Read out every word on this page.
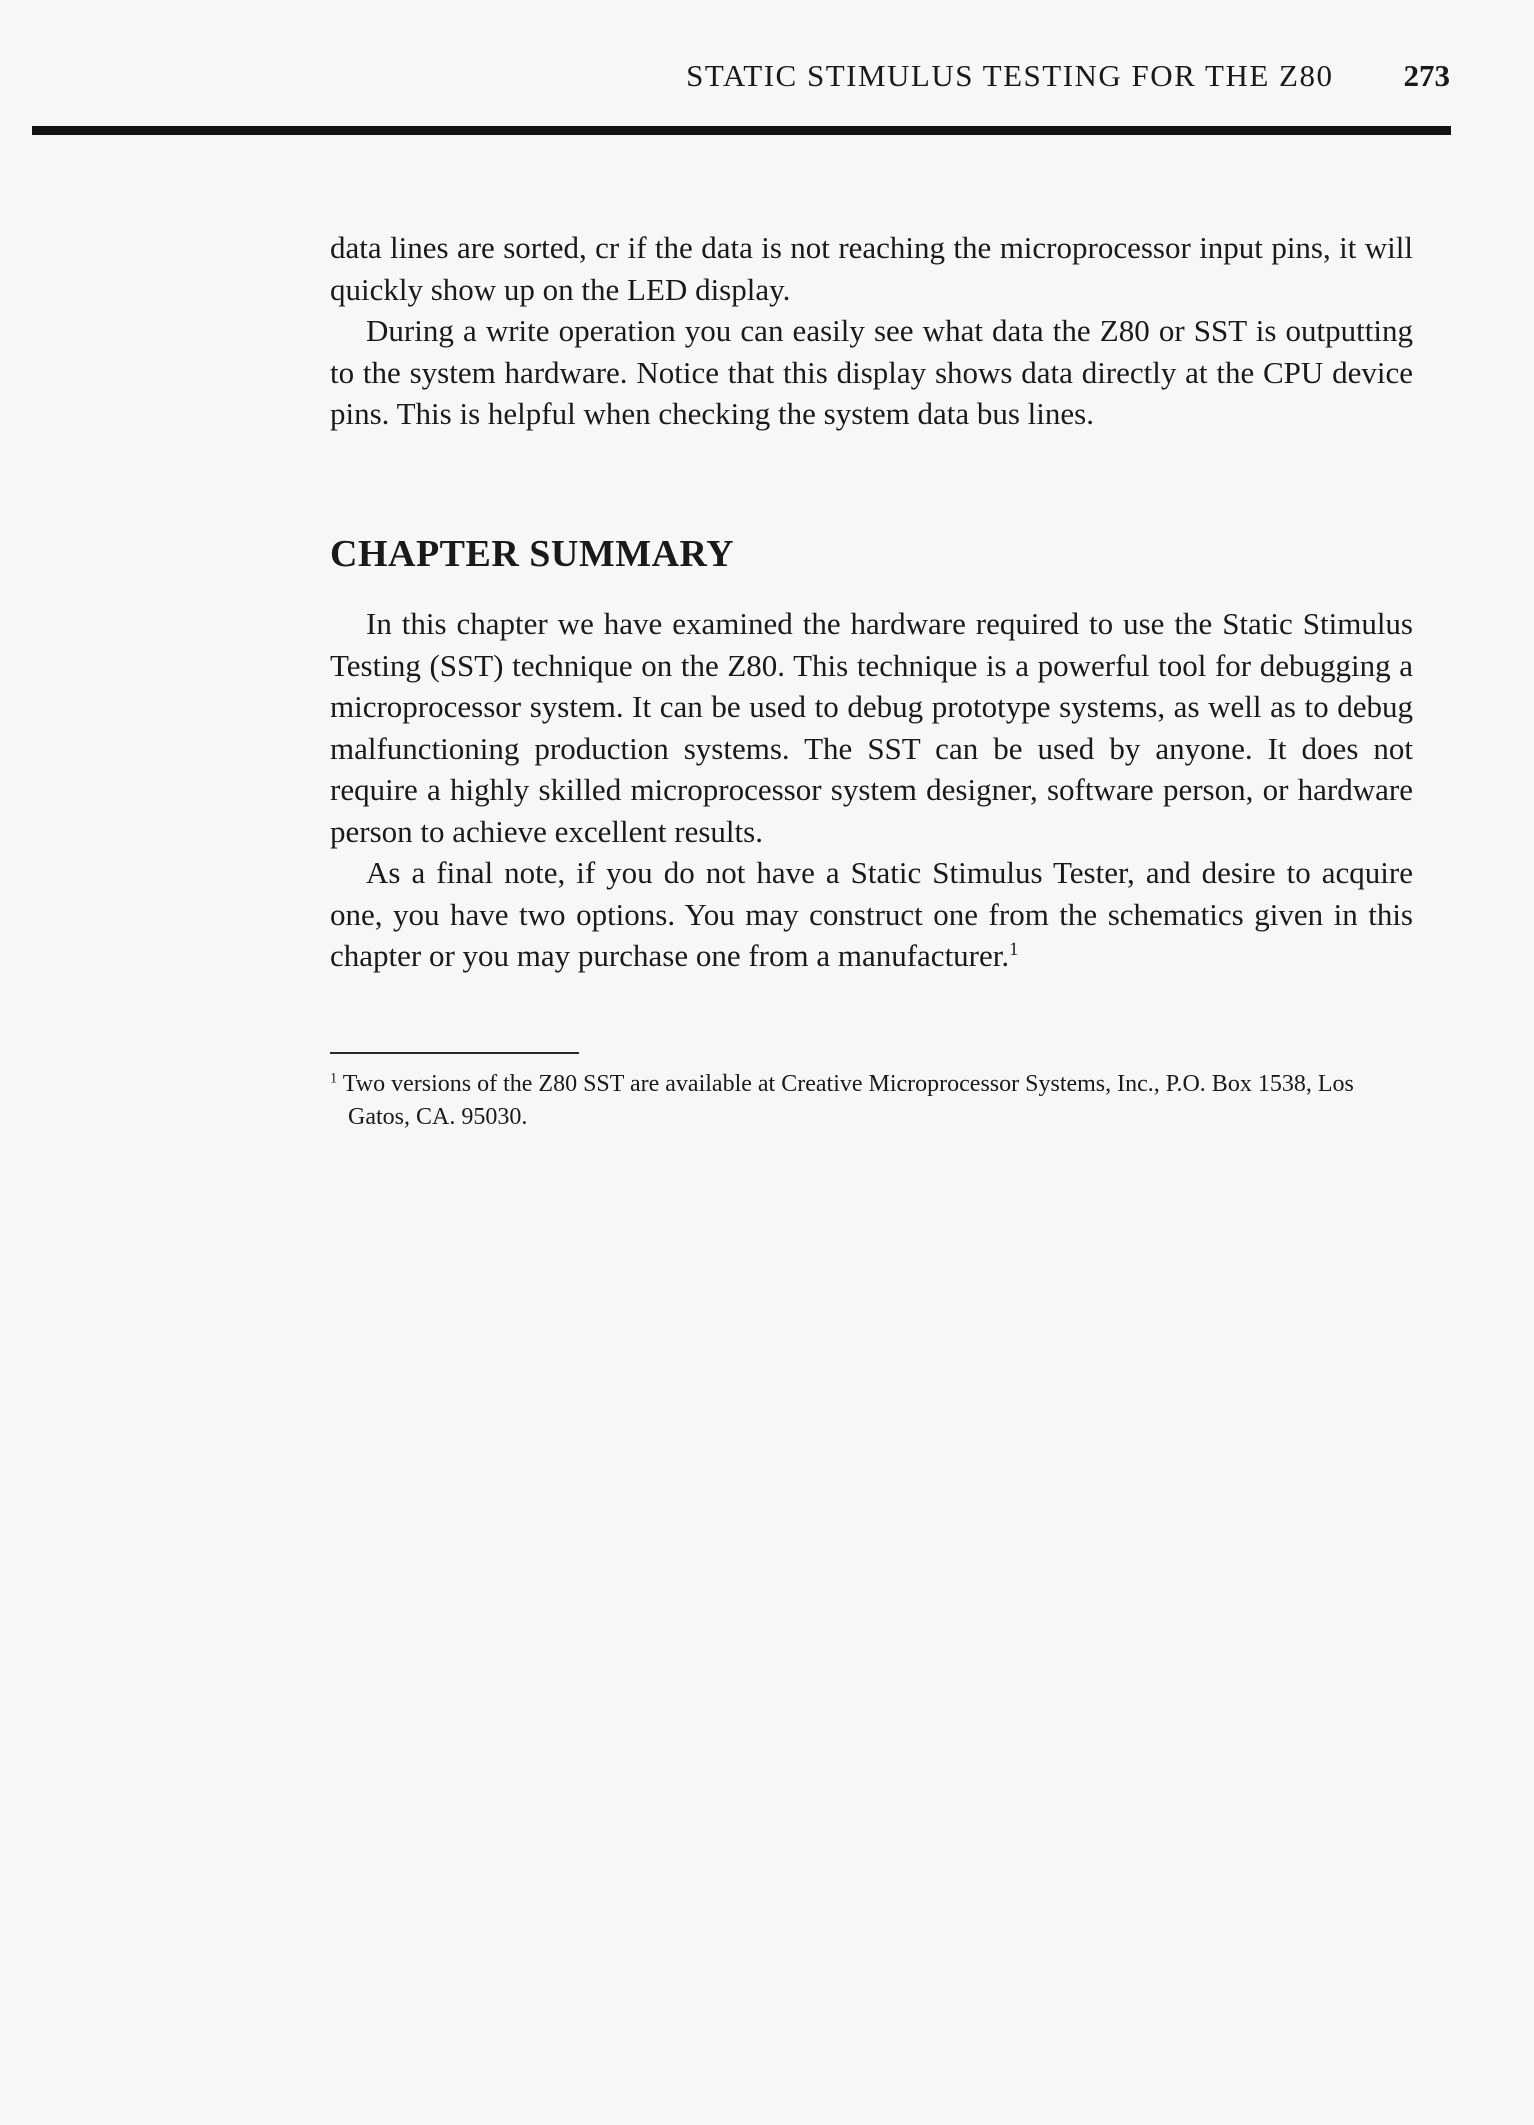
STATIC STIMULUS TESTING FOR THE Z80 273

data lines are sorted, cr if the data is not reaching the microprocessor input pins, it will quickly show up on the LED display.

During a write operation you can easily see what data the Z80 or SST is outputting to the system hardware. Notice that this display shows data directly at the CPU device pins. This is helpful when checking the system data bus lines.

CHAPTER SUMMARY

In this chapter we have examined the hardware required to use the Static Stimulus Testing (SST) technique on the Z80. This technique is a powerful tool for debugging a microprocessor system. It can be used to debug prototype systems, as well as to debug malfunctioning production systems. The SST can be used by anyone. It does not require a highly skilled microprocessor system designer, software person, or hardware person to achieve excellent results.

As a final note, if you do not have a Static Stimulus Tester, and desire to acquire one, you have two options. You may construct one from the schematics given in this chapter or you may purchase one from a manufacturer.$^1$

$^1$ Two versions of the Z80 SST are available at Creative Microprocessor Systems, Inc., P.O. Box 1538, Los Gatos, CA. 95030.
